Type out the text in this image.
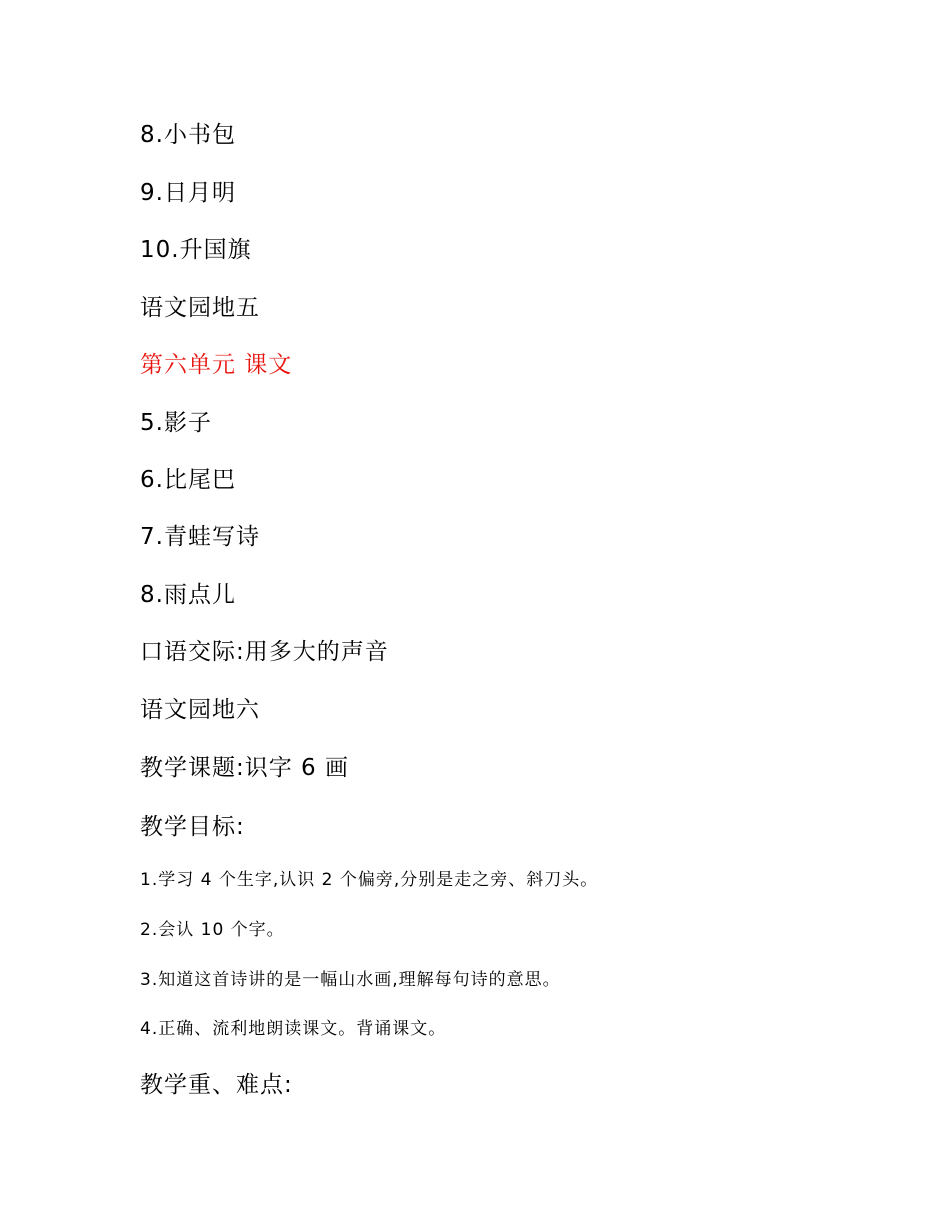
8.小书包
9.日月明
10.升国旗
语文园地五
第六单元 课文
5.影子
6.比尾巴
7.青蛙写诗
8.雨点儿
口语交际:用多大的声音
语文园地六
教学课题:识字 6 画
教学目标:
1.学习 4 个生字,认识 2 个偏旁,分别是走之旁、斜刀头。
2.会认 10 个字。
3.知道这首诗讲的是一幅山水画,理解每句诗的意思。
4.正确、流利地朗读课文。背诵课文。
教学重、难点:
